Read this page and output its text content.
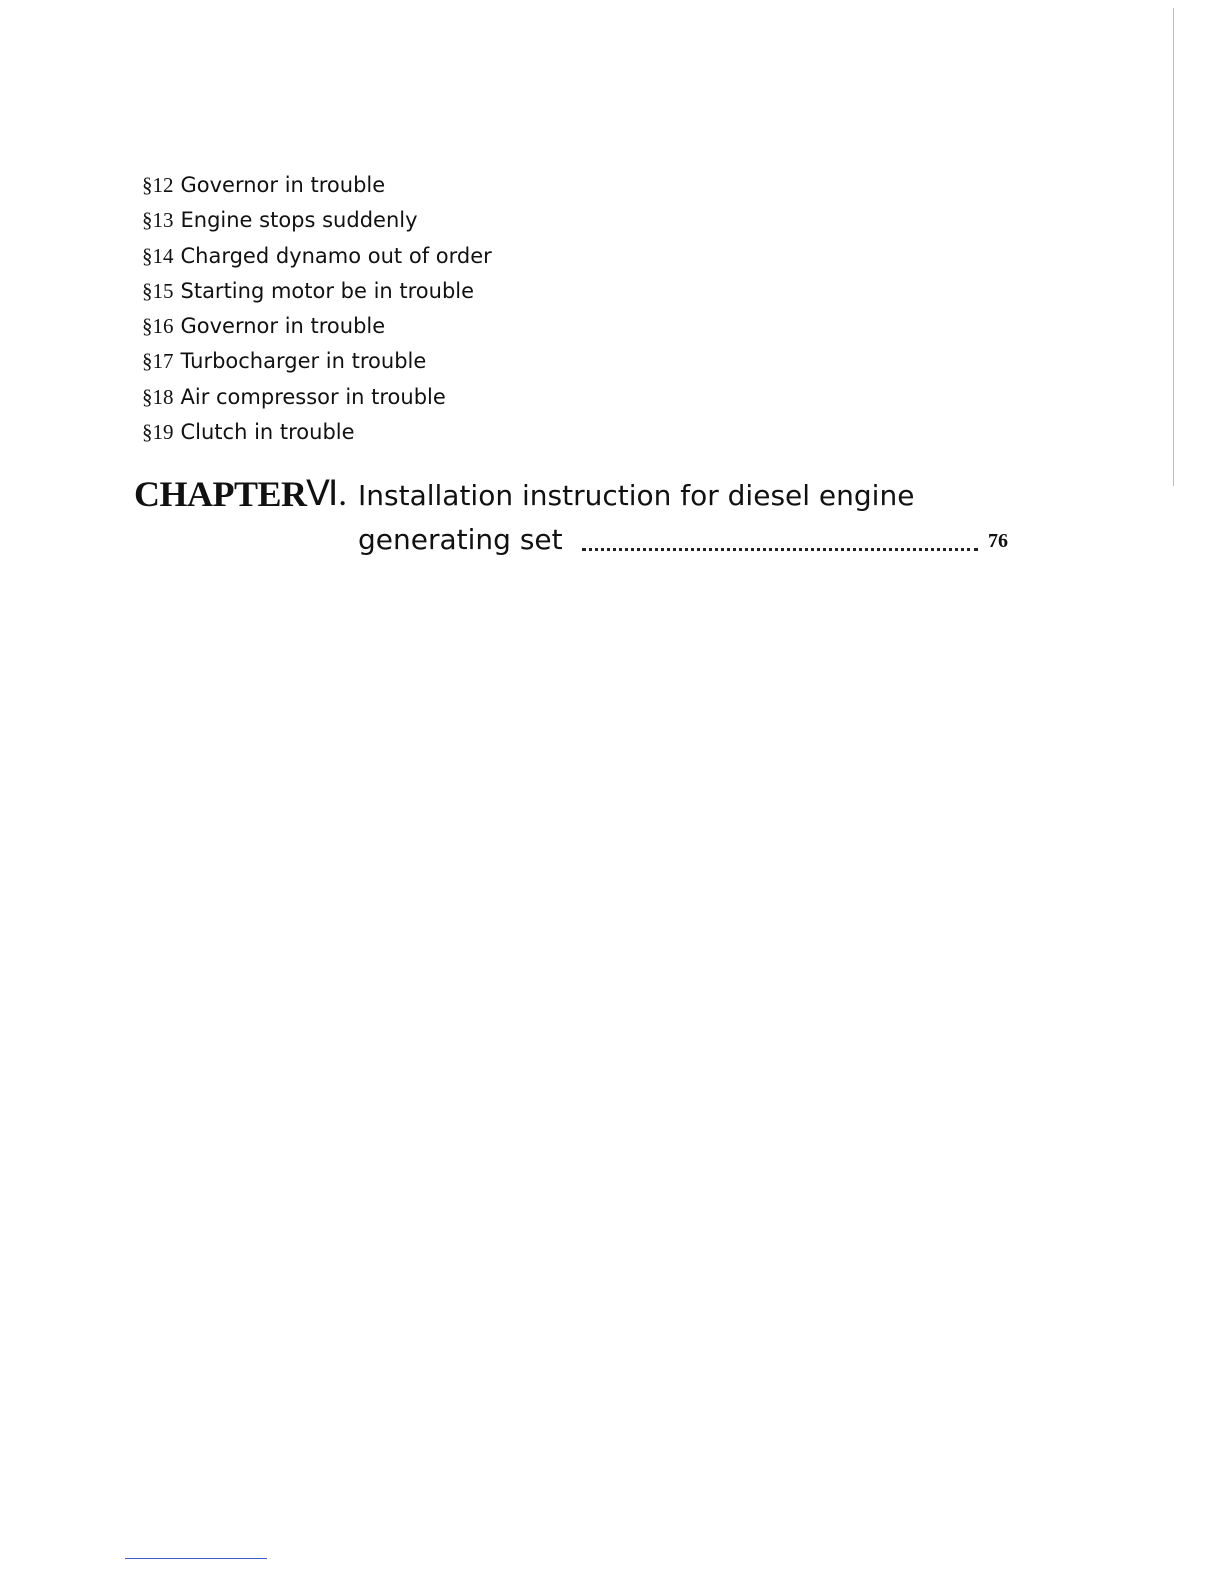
§12 Governor in trouble
§13 Engine stops suddenly
§14 Charged dynamo out of order
§15 Starting motor be in trouble
§16 Governor in trouble
§17 Turbocharger in trouble
§18 Air compressor in trouble
§19 Clutch in trouble
CHAPTER Ⅵ. Installation instruction for diesel engine
generating set	76
